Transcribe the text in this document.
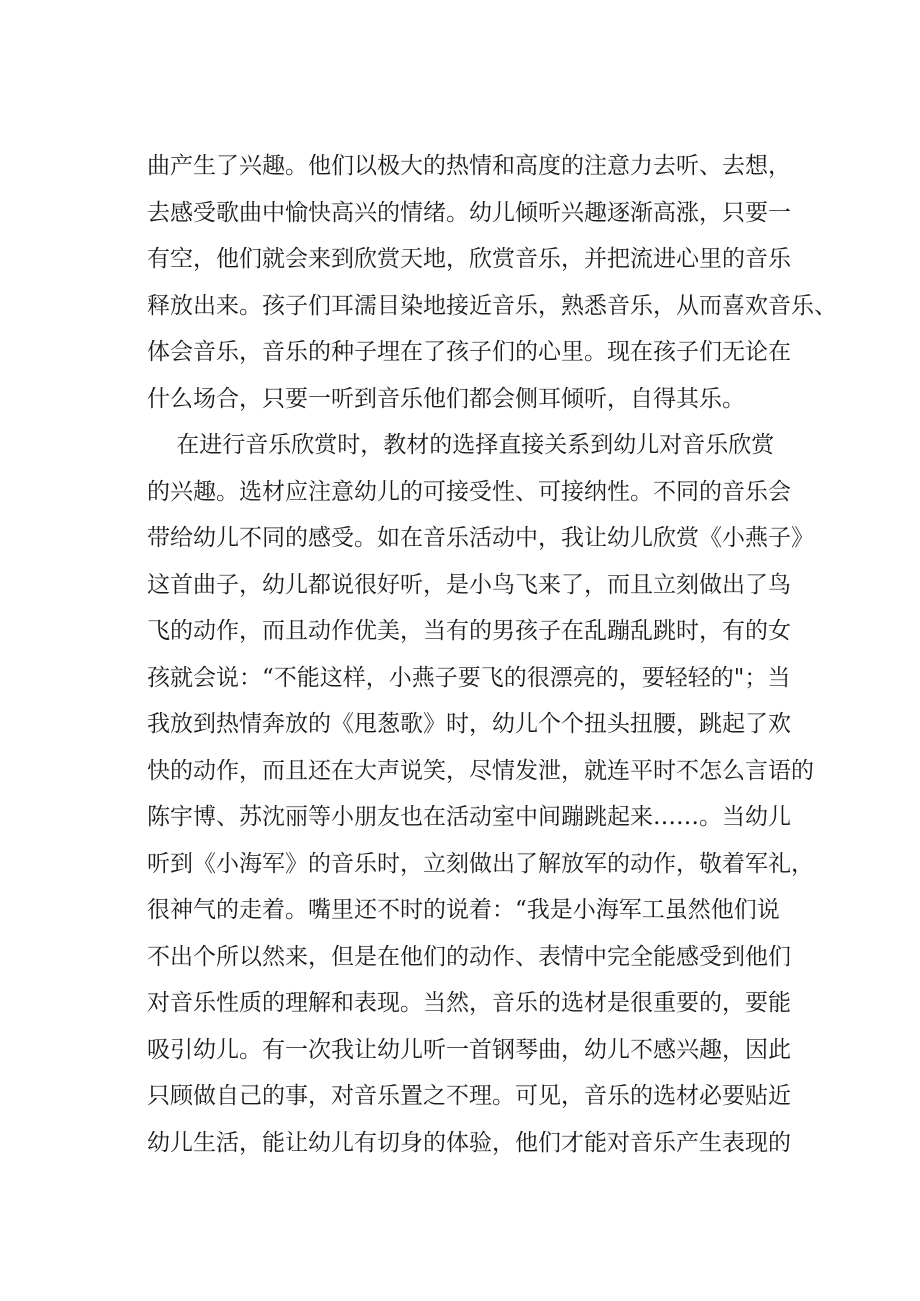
曲产生了兴趣。他们以极大的热情和高度的注意力去听、去想，
去感受歌曲中愉快高兴的情绪。幼儿倾听兴趣逐渐高涨，只要一
有空，他们就会来到欣赏天地，欣赏音乐，并把流进心里的音乐
释放出来。孩子们耳濡目染地接近音乐，熟悉音乐，从而喜欢音乐、
体会音乐，音乐的种子埋在了孩子们的心里。现在孩子们无论在
什么场合，只要一听到音乐他们都会侧耳倾听，自得其乐。
在进行音乐欣赏时，教材的选择直接关系到幼儿对音乐欣赏
的兴趣。选材应注意幼儿的可接受性、可接纳性。不同的音乐会
带给幼儿不同的感受。如在音乐活动中，我让幼儿欣赏《小燕子》
这首曲子，幼儿都说很好听，是小鸟飞来了，而且立刻做出了鸟
飞的动作，而且动作优美，当有的男孩子在乱蹦乱跳时，有的女
孩就会说：“不能这样，小燕子要飞的很漂亮的，要轻轻的"；当
我放到热情奔放的《甩葱歌》时，幼儿个个扭头扭腰，跳起了欢
快的动作，而且还在大声说笑，尽情发泄，就连平时不怎么言语的
陈宇博、苏沈丽等小朋友也在活动室中间蹦跳起来……。当幼儿
听到《小海军》的音乐时，立刻做出了解放军的动作，敬着军礼，
很神气的走着。嘴里还不时的说着：“我是小海军工虽然他们说
不出个所以然来，但是在他们的动作、表情中完全能感受到他们
对音乐性质的理解和表现。当然，音乐的选材是很重要的，要能
吸引幼儿。有一次我让幼儿听一首钢琴曲，幼儿不感兴趣，因此
只顾做自己的事，对音乐置之不理。可见，音乐的选材必要贴近
幼儿生活，能让幼儿有切身的体验，他们才能对音乐产生表现的
